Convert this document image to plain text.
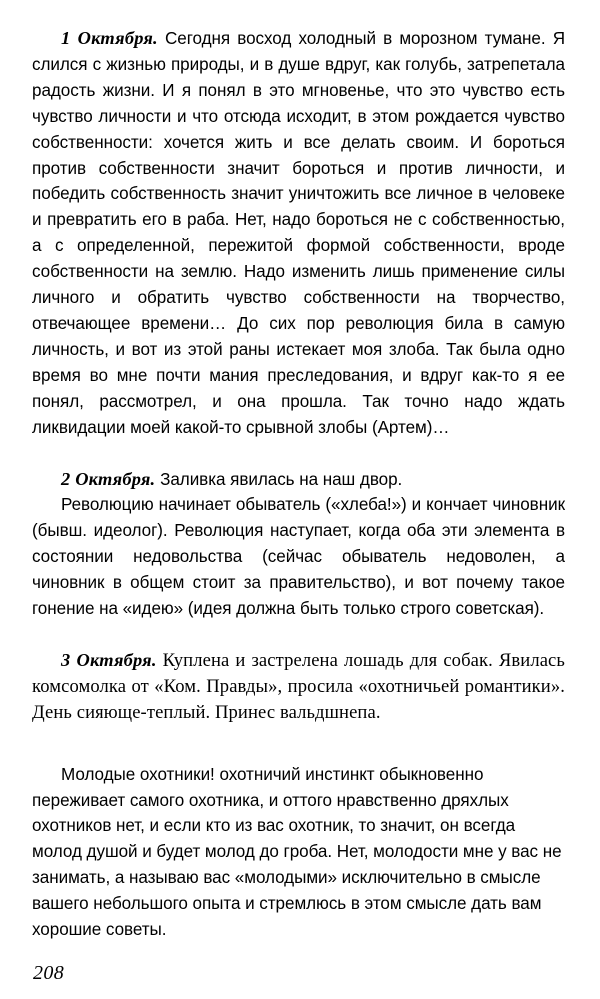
1 Октября. Сегодня восход холодный в морозном тумане. Я слился с жизнью природы, и в душе вдруг, как голубь, затрепетала радость жизни. И я понял в это мгновенье, что это чувство есть чувство личности и что отсюда исходит, в этом рождается чувство собственности: хочется жить и все делать своим. И бороться против собственности значит бороться и против личности, и победить собственность значит уничтожить все личное в человеке и превратить его в раба. Нет, надо бороться не с собственностью, а с определенной, пережитой формой собственности, вроде собственности на землю. Надо изменить лишь применение силы личного и обратить чувство собственности на творчество, отвечающее времени… До сих пор революция била в самую личность, и вот из этой раны истекает моя злоба. Так была одно время во мне почти мания преследования, и вдруг как-то я ее понял, рассмотрел, и она прошла. Так точно надо ждать ликвидации моей какой-то срывной злобы (Артем)…

2 Октября. Заливка явилась на наш двор.

Революцию начинает обыватель («хлеба!») и кончает чиновник (бывш. идеолог). Революция наступает, когда оба эти элемента в состоянии недовольства (сейчас обыватель недоволен, а чиновник в общем стоит за правительство), и вот почему такое гонение на «идею» (идея должна быть только строго советская).

3 Октября. Куплена и застрелена лошадь для собак. Явилась комсомолка от «Ком. Правды», просила «охотничьей романтики». День сияюще-теплый. Принес вальдшнепа.

Молодые охотники! охотничий инстинкт обыкновенно переживает самого охотника, и оттого нравственно дряхлых охотников нет, и если кто из вас охотник, то значит, он всегда молод душой и будет молод до гроба. Нет, молодости мне у вас не занимать, а называю вас «молодыми» исключительно в смысле вашего небольшого опыта и стремлюсь в этом смысле дать вам хорошие советы.

208
